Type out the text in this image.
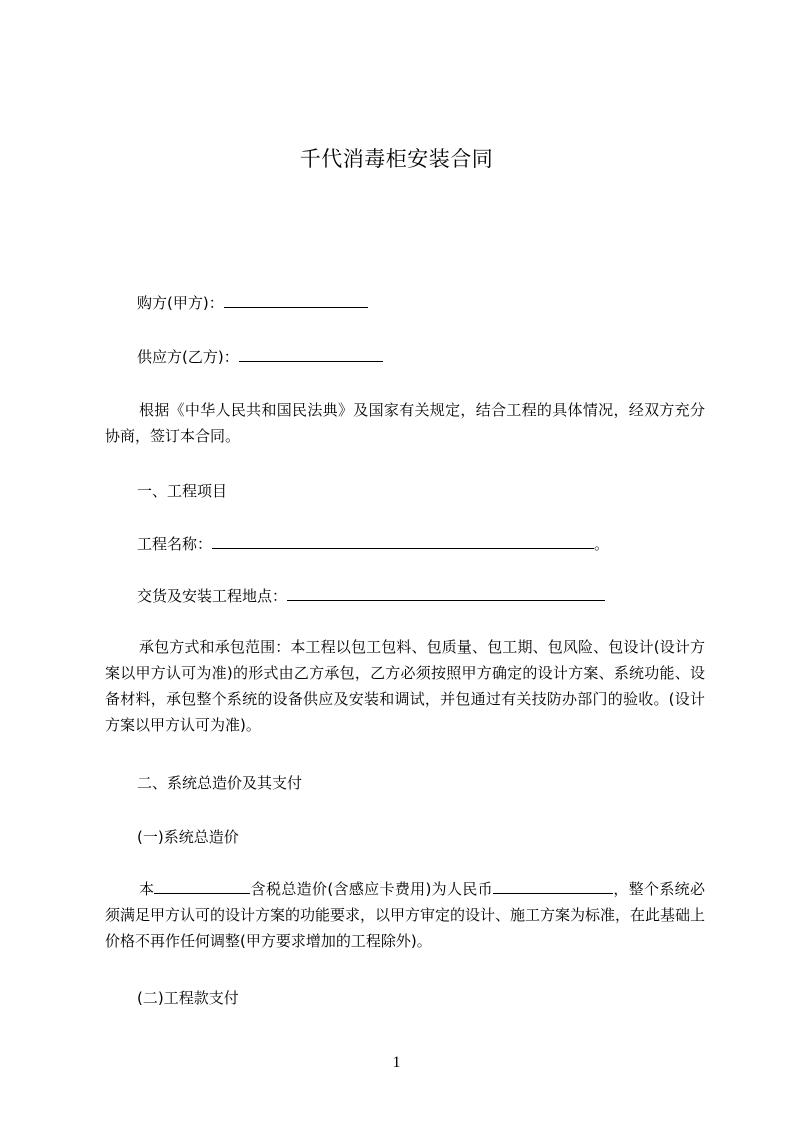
千代消毒柜安装合同
购方(甲方)：
供应方(乙方)：
根据《中华人民共和国民法典》及国家有关规定，结合工程的具体情况，经双方充分协商，签订本合同。
一、工程项目
工程名称：	。
交货及安装工程地点：
承包方式和承包范围：本工程以包工包料、包质量、包工期、包风险、包设计(设计方案以甲方认可为准)的形式由乙方承包，乙方必须按照甲方确定的设计方案、系统功能、设备材料，承包整个系统的设备供应及安装和调试，并包通过有关技防办部门的验收。(设计方案以甲方认可为准)。
二、系统总造价及其支付
(一)系统总造价
本	含税总造价(含感应卡费用)为人民币	，整个系统必须满足甲方认可的设计方案的功能要求，以甲方审定的设计、施工方案为标准，在此基础上价格不再作任何调整(甲方要求增加的工程除外)。
(二)工程款支付
1
